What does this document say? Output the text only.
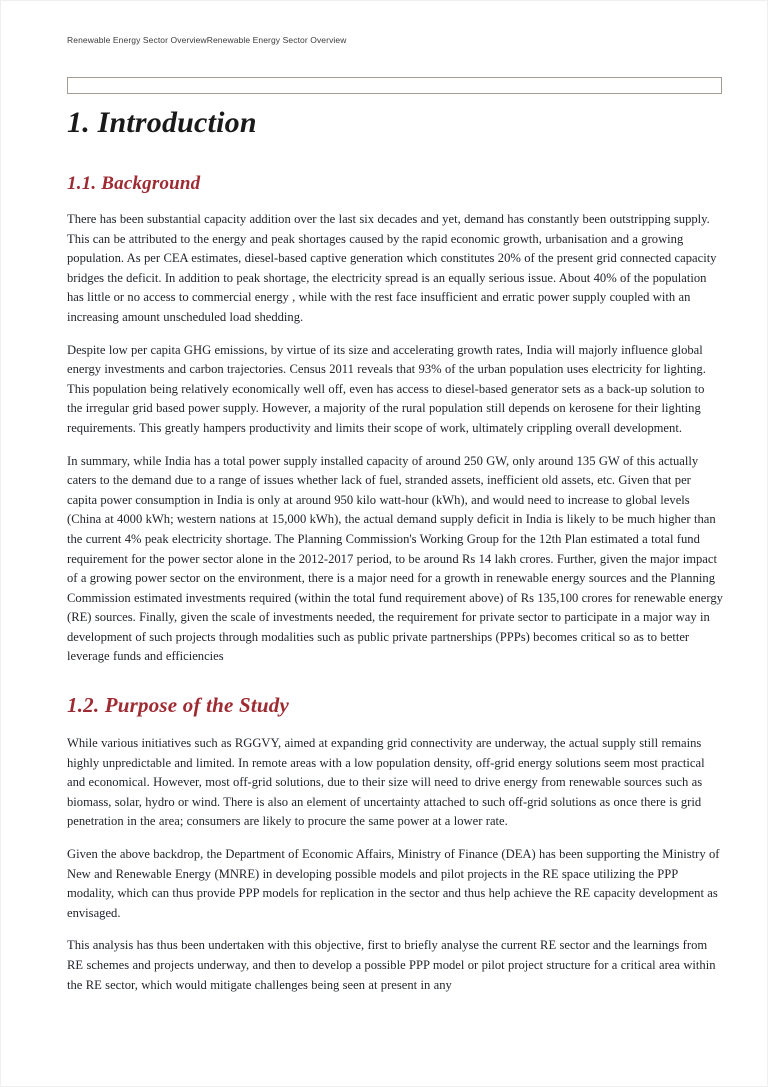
Renewable Energy Sector OverviewRenewable Energy Sector Overview
1. Introduction
1.1. Background

There has been substantial capacity addition over the last six decades and yet, demand has constantly been outstripping supply. This can be attributed to the energy and peak shortages caused by the rapid economic growth, urbanisation and a growing population. As per CEA estimates, diesel-based captive generation which constitutes 20% of the present grid connected capacity bridges the deficit. In addition to peak shortage, the electricity spread is an equally serious issue. About 40% of the population has little or no access to commercial energy , while with the rest face insufficient and erratic power supply coupled with an increasing amount unscheduled load shedding.

Despite low per capita GHG emissions, by virtue of its size and accelerating growth rates, India will majorly influence global energy investments and carbon trajectories. Census 2011 reveals that 93% of the urban population uses electricity for lighting. This population being relatively economically well off, even has access to diesel-based generator sets as a back-up solution to the irregular grid based power supply. However, a majority of the rural population still depends on kerosene for their lighting requirements. This greatly hampers productivity and limits their scope of work, ultimately crippling overall development.

In summary, while India has a total power supply installed capacity of around 250 GW, only around 135 GW of this actually caters to the demand due to a range of issues whether lack of fuel, stranded assets, inefficient old assets, etc. Given that per capita power consumption in India is only at around 950 kilo watt-hour (kWh), and would need to increase to global levels (China at 4000 kWh; western nations at 15,000 kWh), the actual demand supply deficit in India is likely to be much higher than the current 4% peak electricity shortage. The Planning Commission's Working Group for the 12th Plan estimated a total fund requirement for the power sector alone in the 2012-2017 period, to be around Rs 14 lakh crores. Further, given the major impact of a growing power sector on the environment, there is a major need for a growth in renewable energy sources and the Planning Commission estimated investments required (within the total fund requirement above) of Rs 135,100 crores for renewable energy (RE) sources. Finally, given the scale of investments needed, the requirement for private sector to participate in a major way in development of such projects through modalities such as public private partnerships (PPPs) becomes critical so as to better leverage funds and efficiencies

1.2. Purpose of the Study

While various initiatives such as RGGVY, aimed at expanding grid connectivity are underway, the actual supply still remains highly unpredictable and limited. In remote areas with a low population density, off-grid energy solutions seem most practical and economical. However, most off-grid solutions, due to their size will need to drive energy from renewable sources such as biomass, solar, hydro or wind. There is also an element of uncertainty attached to such off-grid solutions as once there is grid penetration in the area; consumers are likely to procure the same power at a lower rate.

Given the above backdrop, the Department of Economic Affairs, Ministry of Finance (DEA) has been supporting the Ministry of New and Renewable Energy (MNRE) in developing possible models and pilot projects in the RE space utilizing the PPP modality, which can thus provide PPP models for replication in the sector and thus help achieve the RE capacity development as envisaged.

This analysis has thus been undertaken with this objective, first to briefly analyse the current RE sector and the learnings from RE schemes and projects underway, and then to develop a possible PPP model or pilot project structure for a critical area within the RE sector, which would mitigate challenges being seen at present in any
